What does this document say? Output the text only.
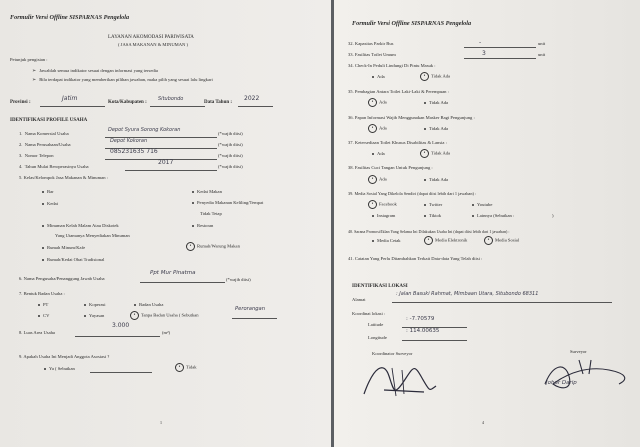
Formulir Versi Offline SISPARNAS Pengelola
LAYANAN AKOMODASI PARIWISATA
( JASA MAKANAN & MINUMAN )
Petunjuk pengisian :
➢ Jawablah semua indikator sesuai dengan informasi yang tersedia
➢ Bila terdapat indikator yang memberikan pilihan jawaban, maka pilih yang sesuai lalu lingkari
Provinsi :
Jatim
Kota/Kabupaten :
Situbondo
Data Tahun :
2022
IDENTIFIKASI PROFILE USAHA
1. Nama Komersial Usaha
Depot Syura Sorong Kokoran
(*wajib diisi)
2. Nama Perusahaan/Usaha
Depot Kokoran
(*wajib diisi)
3. Nomor Telepon
085231635 716
(*wajib diisi)
4. Tahun Mulai Beroperasinya Usaha
2017
(*wajib diisi)
5. Kelas/Kelompok Jasa Makanan & Minuman :
Bar
Kedai
Minuman Kelah Malam Atau Diskotek
Yang Utamanya Menyediakan Minuman
Rumah Minum/Kafe
Rumah/Kedai Obat Tradisional
Kedai Makan
Penyedia Makanan Keliling/Tempat
Tidak Tetap
Restoran
• Rumah/Warung Makan
6. Nama Pengusaha/Penanggung Jawab Usaha
Ppt Mur Pinatma
(*wajib diisi)
7. Bentuk Badan Usaha :
PT	Koperasi	Badan Usaha
CV	Yayasan	• Tanpa Badan Usaha ( Sebutkan
Perorangan
8. Luas Area Usaha
3.000
(m²)
9. Apakah Usaha Ini Menjadi Anggota Asosiasi ?
Ya ( Sebutkan	• Tidak
1
Formulir Versi Offline SISPARNAS Pengelola
32. Kapasitas Parkir Bus	-	unit
33. Fasilitas Toilet Umum	3	unit
34. Check-In Peduli Lindungi Di Pintu Masuk :
Ada	• Tidak Ada
35. Pembagian Antara Toilet Laki-Laki & Perempuan :
• Ada	Tidak Ada
36. Papan Informasi Wajib Menggunakan Masker Bagi Pengunjung :
• Ada	Tidak Ada
37. Ketersediaan Toilet Khusus Disabilitas & Lansia :
Ada	• Tidak Ada
38. Fasilitas Cuci Tangan Untuk Pengunjung :
• Ada	Tidak Ada
39. Media Sosial Yang Dikelola Sendiri (dapat diisi lebih dari 1 jawaban) :
• Facebook	Twitter	Youtube
Instagram	Tiktok	Lainnya (Sebutkan :	)
40. Sarana Promosi/Iklan Yang Selama Ini Dilakukan Usaha Ini (dapat diisi lebih dari 1 jawaban) :
Media Cetak	• Media Elektronik	• Media Sosial
41. Catatan Yang Perlu Ditambahkan Terkait Data-data Yang Telah diisi :
IDENTIFIKASI LOKASI
Alamat
: Jalan Basuki Rahmat, Mimbaan Utara, Situbondo 68311
Koordinat lokasi :
Latitude
: -7.70579
Longitude
: 114.00635
Koordinator Surveyor	Surveyor
Johar Darip
4
